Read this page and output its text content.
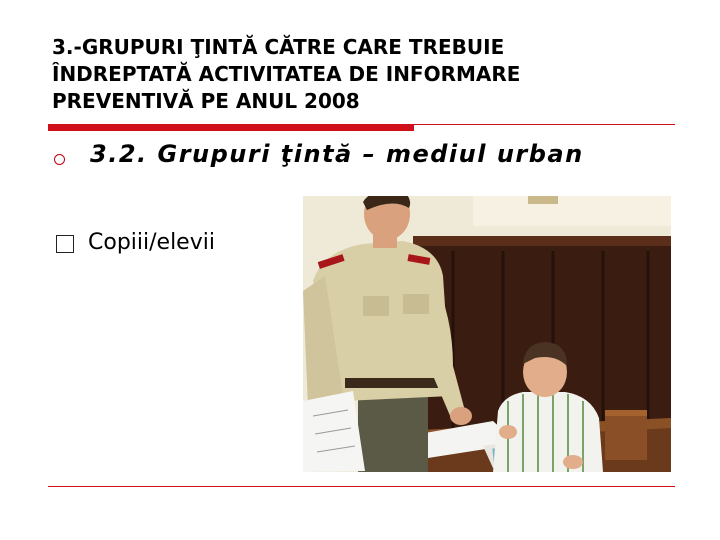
3.-GRUPURI ŢINTĂ CĂTRE CARE TREBUIE
ÎNDREPTATĂ ACTIVITATEA DE INFORMARE
PREVENTIVĂ PE ANUL 2008
3.2. Grupuri ţintă – mediul urban
Copiii/elevii
